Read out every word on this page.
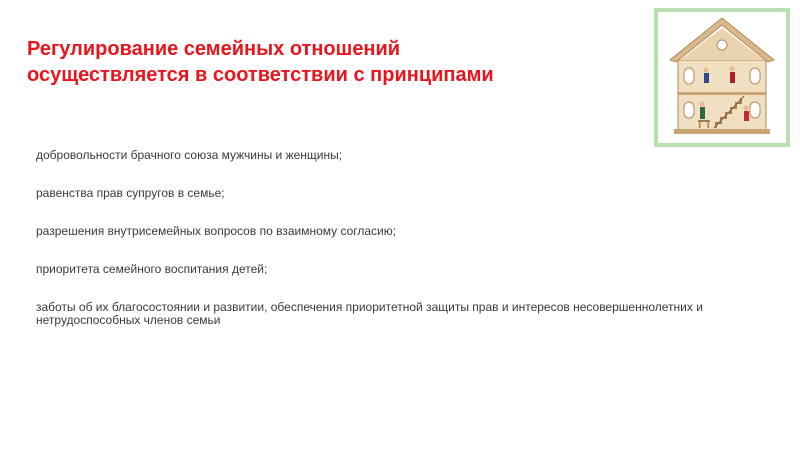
Регулирование семейных отношений осуществляется в соответствии с принципами
добровольности брачного союза мужчины и женщины;
равенства прав супругов в семье;
разрешения внутрисемейных вопросов по взаимному согласию;
приоритета семейного воспитания детей;
заботы об их благосостоянии и развитии, обеспечения приоритетной защиты прав и интересов несовершеннолетних и нетрудоспособных членов семьи
